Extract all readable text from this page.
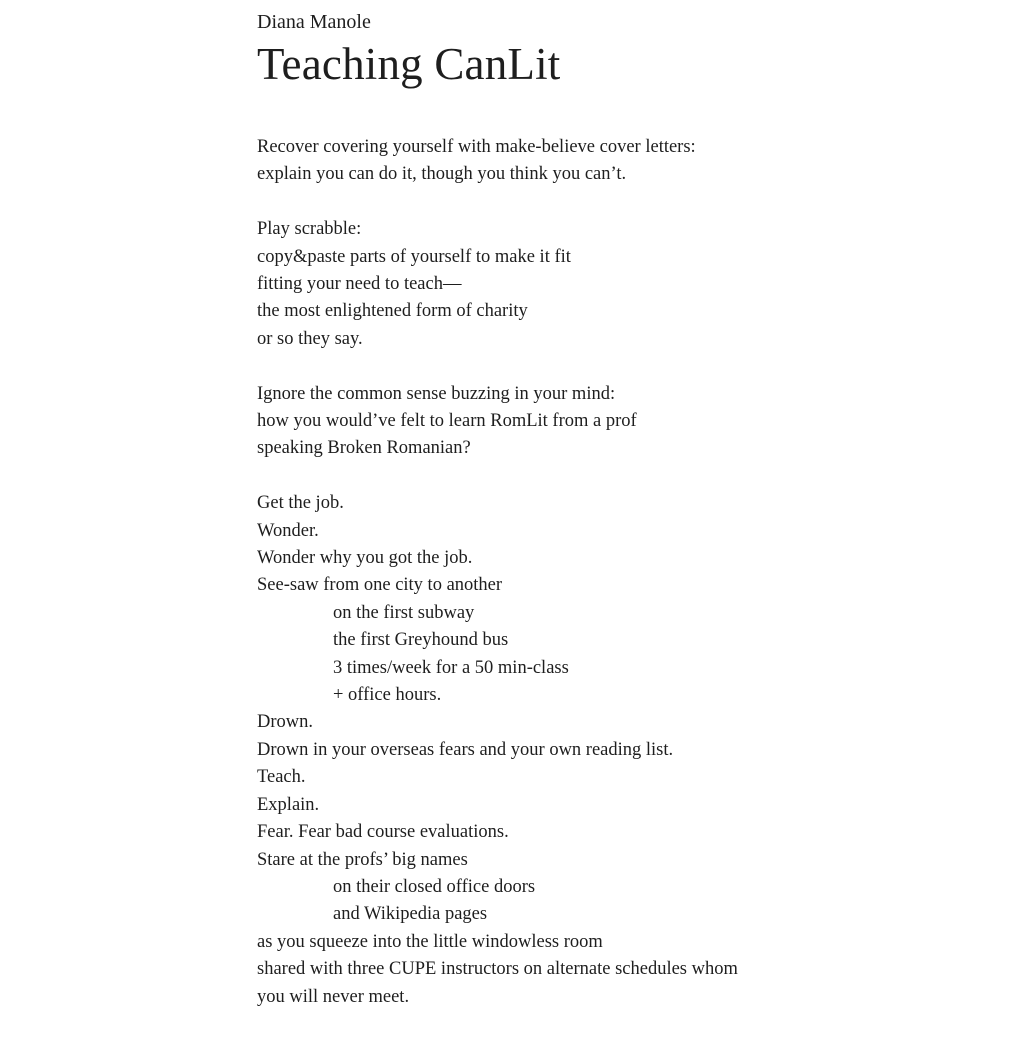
Diana Manole

Teaching CanLit

Recover covering yourself with make-believe cover letters:

explain you can do it, though you think you can’t.

Play scrabble:

copy&paste parts of yourself to make it fit

fitting your need to teach—

the most enlightened form of charity

or so they say.

Ignore the common sense buzzing in your mind:

how you would’ve felt to learn RomLit from a prof

speaking Broken Romanian?

Get the job.

Wonder.

Wonder why you got the job.

See-saw from one city to another

on the first subway

the first Greyhound bus

3 times/week for a 50 min-class

+ office hours.

Drown.

Drown in your overseas fears and your own reading list.

Teach.

Explain.

Fear. Fear bad course evaluations.

Stare at the profs’ big names

on their closed office doors

and Wikipedia pages

as you squeeze into the little windowless room

shared with three CUPE instructors on alternate schedules whom

you will never meet.
